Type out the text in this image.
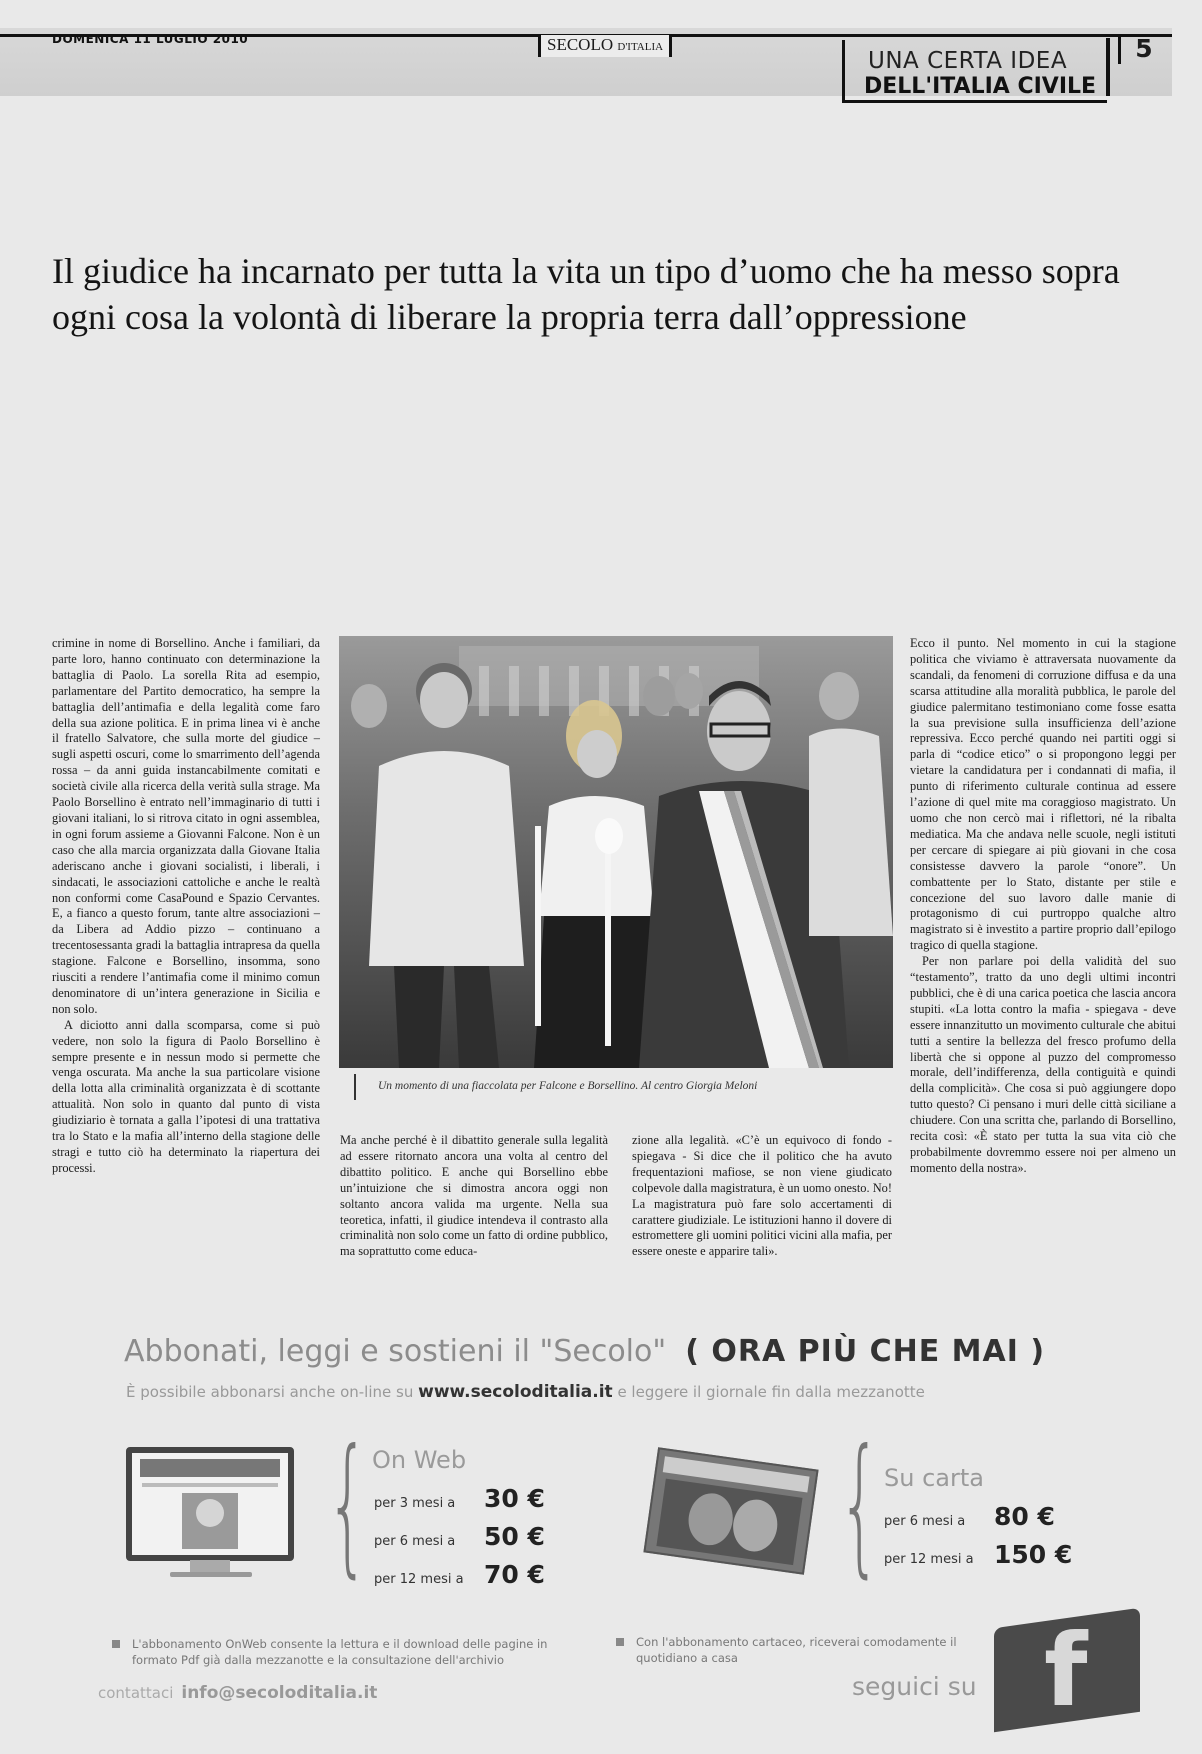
DOMENICA 11 LUGLIO 2010	SECOLO D'ITALIA
UNA CERTA IDEA
DELL'ITALIA CIVILE
5
Il giudice ha incarnato per tutta la vita un tipo d’uomo che ha messo sopra ogni cosa la volontà di liberare la propria terra dall’oppressione

crimine in nome di Borsellino. Anche i familiari, da parte loro, hanno continuato con determinazione la battaglia di Paolo. La sorella Rita ad esempio, parlamentare del Partito democratico, ha sempre la battaglia dell’antimafia e della legalità come faro della sua azione politica. E in prima linea vi è anche il fratello Salvatore, che sulla morte del giudice – sugli aspetti oscuri, come lo smarrimento dell’agenda rossa – da anni guida instancabilmente comitati e società civile alla ricerca della verità sulla strage. Ma Paolo Borsellino è entrato nell’immaginario di tutti i giovani italiani, lo si ritrova citato in ogni assemblea, in ogni forum assieme a Giovanni Falcone. Non è un caso che alla marcia organizzata dalla Giovane Italia aderiscano anche i giovani socialisti, i liberali, i sindacati, le associazioni cattoliche e anche le realtà non conformi come CasaPound e Spazio Cervantes. E, a fianco a questo forum, tante altre associazioni – da Libera ad Addio pizzo – continuano a trecentosessanta gradi la battaglia intrapresa da quella stagione. Falcone e Borsellino, insomma, sono riusciti a rendere l’antimafia come il minimo comun denominatore di un’intera generazione in Sicilia e non solo.

A diciotto anni dalla scomparsa, come si può vedere, non solo la figura di Paolo Borsellino è sempre presente e in nessun modo si permette che venga oscurata. Ma anche la sua particolare visione della lotta alla criminalità organizzata è di scottante attualità. Non solo in quanto dal punto di vista giudiziario è tornata a galla l’ipotesi di una trattativa tra lo Stato e la mafia all’interno della stagione delle stragi e tutto ciò ha determinato la riapertura dei processi.

Un momento di una fiaccolata per Falcone e Borsellino. Al centro Giorgia Meloni

Ma anche perché è il dibattito generale sulla legalità ad essere ritornato ancora una volta al centro del dibattito politico. E anche qui Borsellino ebbe un’intuizione che si dimostra ancora oggi non soltanto ancora valida ma urgente. Nella sua teoretica, infatti, il giudice intendeva il contrasto alla criminalità non solo come un fatto di ordine pubblico, ma soprattutto come educa-

zione alla legalità. «C’è un equivoco di fondo - spiegava - Si dice che il politico che ha avuto frequentazioni mafiose, se non viene giudicato colpevole dalla magistratura, è un uomo onesto. No! La magistratura può fare solo accertamenti di carattere giudiziale. Le istituzioni hanno il dovere di estromettere gli uomini politici vicini alla mafia, per essere oneste e apparire tali».

Ecco il punto. Nel momento in cui la stagione politica che viviamo è attraversata nuovamente da scandali, da fenomeni di corruzione diffusa e da una scarsa attitudine alla moralità pubblica, le parole del giudice palermitano testimoniano come fosse esatta la sua previsione sulla insufficienza dell’azione repressiva. Ecco perché quando nei partiti oggi si parla di “codice etico” o si propongono leggi per vietare la candidatura per i condannati di mafia, il punto di riferimento culturale continua ad essere l’azione di quel mite ma coraggioso magistrato. Un uomo che non cercò mai i riflettori, né la ribalta mediatica. Ma che andava nelle scuole, negli istituti per cercare di spiegare ai più giovani in che cosa consistesse davvero la parole “onore”. Un combattente per lo Stato, distante per stile e concezione del suo lavoro dalle manie di protagonismo di cui purtroppo qualche altro magistrato si è investito a partire proprio dall’epilogo tragico di quella stagione.

Per non parlare poi della validità del suo “testamento”, tratto da uno degli ultimi incontri pubblici, che è di una carica poetica che lascia ancora stupiti. «La lotta contro la mafia - spiegava - deve essere innanzitutto un movimento culturale che abitui tutti a sentire la bellezza del fresco profumo della libertà che si oppone al puzzo del compromesso morale, dell’indifferenza, della contiguità e quindi della complicità». Che cosa si può aggiungere dopo tutto questo? Ci pensano i muri delle città siciliane a chiudere. Con una scritta che, parlando di Borsellino, recita così: «È stato per tutta la sua vita ciò che probabilmente dovremmo essere noi per almeno un momento della nostra».

Abbonati, leggi e sostieni il "Secolo" ( ORA PIÙ CHE MAI )
È possibile abbonarsi anche on-line su www.secoloditalia.it e leggere il giornale fin dalla mezzanotte
{ On Web
per 3 mesi a 30 €
per 6 mesi a 50 €
per 12 mesi a 70 € { Su carta
per 6 mesi a 80 €
per 12 mesi a 150 €
L'abbonamento OnWeb consente la lettura e il download delle pagine in formato Pdf già dalla mezzanotte e la consultazione dell'archivio
Con l'abbonamento cartaceo, riceverai comodamente il quotidiano a casa
contattaci info@secoloditalia.it	seguici su f
